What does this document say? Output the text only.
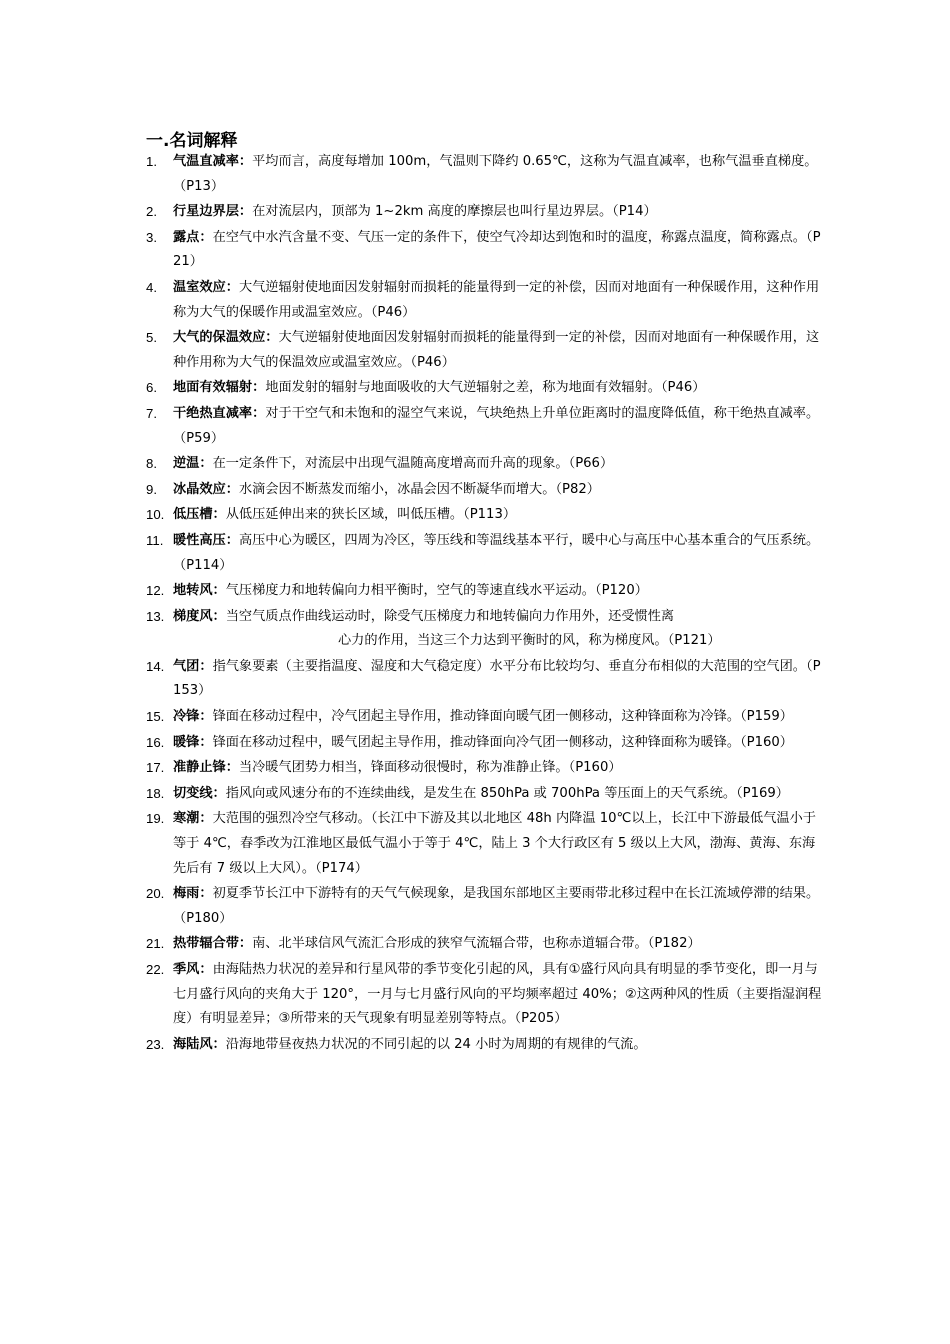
一.名词解释
1. 气温直减率：平均而言，高度每增加 100m，气温则下降约 0.65℃，这称为气温直减率，也称气温垂直梯度。（P13）
2. 行星边界层：在对流层内，顶部为 1~2km 高度的摩擦层也叫行星边界层。（P14）
3. 露点：在空气中水汽含量不变、气压一定的条件下，使空气冷却达到饱和时的温度，称露点温度，简称露点。（P21）
4. 温室效应：大气逆辐射使地面因发射辐射而损耗的能量得到一定的补偿，因而对地面有一种保暖作用，这种作用称为大气的保暖作用或温室效应。（P46）
5. 大气的保温效应：大气逆辐射使地面因发射辐射而损耗的能量得到一定的补偿，因而对地面有一种保暖作用，这种作用称为大气的保温效应或温室效应。（P46）
6. 地面有效辐射：地面发射的辐射与地面吸收的大气逆辐射之差，称为地面有效辐射。（P46）
7. 干绝热直减率：对于干空气和未饱和的湿空气来说，气块绝热上升单位距离时的温度降低值，称干绝热直减率。（P59）
8. 逆温：在一定条件下，对流层中出现气温随高度增高而升高的现象。（P66）
9. 冰晶效应：水滴会因不断蒸发而缩小，冰晶会因不断凝华而增大。（P82）
10. 低压槽：从低压延伸出来的狭长区域，叫低压槽。（P113）
11. 暖性高压：高压中心为暖区，四周为冷区，等压线和等温线基本平行，暖中心与高压中心基本重合的气压系统。（P114）
12. 地转风：气压梯度力和地转偏向力相平衡时，空气的等速直线水平运动。（P120）
13. 梯度风：当空气质点作曲线运动时，除受气压梯度力和地转偏向力作用外，还受惯性离心力的作用，当这三个力达到平衡时的风，称为梯度风。（P121）
14. 气团：指气象要素（主要指温度、湿度和大气稳定度）水平分布比较均匀、垂直分布相似的大范围的空气团。（P153）
15. 冷锋：锋面在移动过程中，冷气团起主导作用，推动锋面向暖气团一侧移动，这种锋面称为冷锋。（P159）
16. 暖锋：锋面在移动过程中，暖气团起主导作用，推动锋面向冷气团一侧移动，这种锋面称为暖锋。（P160）
17. 准静止锋：当冷暖气团势力相当，锋面移动很慢时，称为准静止锋。（P160）
18. 切变线：指风向或风速分布的不连续曲线，是发生在 850hPa 或 700hPa 等压面上的天气系统。（P169）
19. 寒潮：大范围的强烈冷空气移动。（长江中下游及其以北地区 48h 内降温 10℃以上，长江中下游最低气温小于等于 4℃，春季改为江淮地区最低气温小于等于 4℃，陆上 3 个大行政区有 5 级以上大风，渤海、黄海、东海先后有 7 级以上大风）。（P174）
20. 梅雨：初夏季节长江中下游特有的天气气候现象，是我国东部地区主要雨带北移过程中在长江流域停滞的结果。（P180）
21. 热带辐合带：南、北半球信风气流汇合形成的狭窄气流辐合带，也称赤道辐合带。（P182）
22. 季风：由海陆热力状况的差异和行星风带的季节变化引起的风，具有①盛行风向具有明显的季节变化，即一月与七月盛行风向的夹角大于 120°，一月与七月盛行风向的平均频率超过 40%；②这两种风的性质（主要指湿润程度）有明显差异；③所带来的天气现象有明显差别等特点。（P205）
23. 海陆风：沿海地带昼夜热力状况的不同引起的以 24 小时为周期的有规律的气流。
